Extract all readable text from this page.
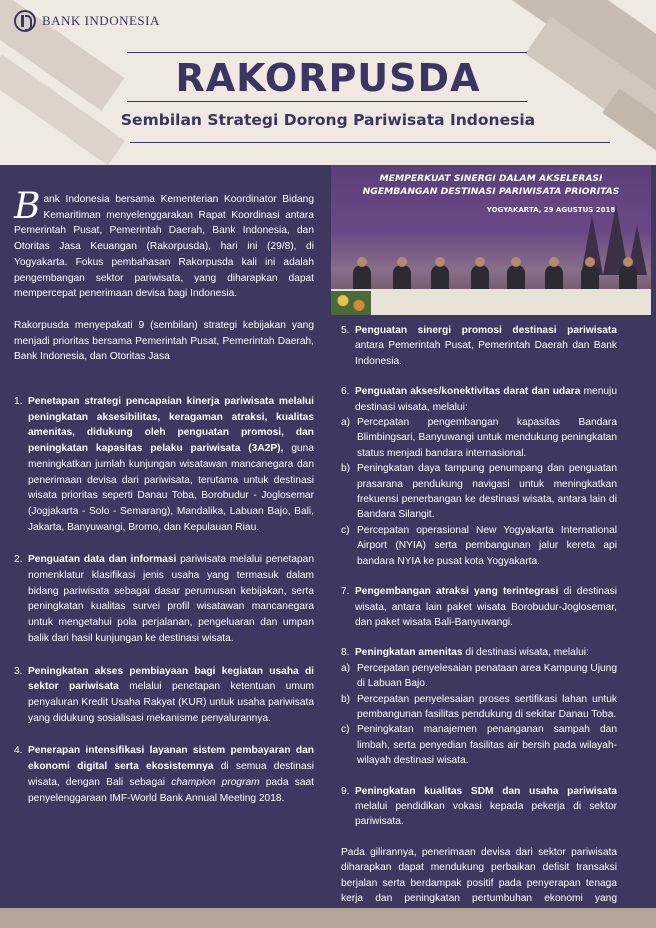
BANK INDONESIA
RAKORPUSDA
Sembilan Strategi Dorong Pariwisata Indonesia
MEMPERKUAT SINERGI DALAM AKSELERASI
NGEMBANGAN DESTINASI PARIWISATA PRIORITAS
YOGYAKARTA, 29 AGUSTUS 2018
Bank Indonesia bersama Kementerian Koordinator Bidang Kemaritiman menyelenggarakan Rapat Koordinasi antara Pemerintah Pusat, Pemerintah Daerah, Bank Indonesia, dan Otoritas Jasa Keuangan (Rakorpusda), hari ini (29/8), di Yogyakarta. Fokus pembahasan Rakorpusda kali ini adalah pengembangan sektor pariwisata, yang diharapkan dapat mempercepat penerimaan devisa bagi Indonesia.
Rakorpusda menyepakati 9 (sembilan) strategi kebijakan yang menjadi prioritas bersama Pemerintah Pusat, Pemerintah Daerah, Bank Indonesia, dan Otoritas Jasa
1. Penetapan strategi pencapaian kinerja pariwisata melalui peningkatan aksesibilitas, keragaman atraksi, kualitas amenitas, didukung oleh penguatan promosi, dan peningkatan kapasitas pelaku pariwisata (3A2P), guna meningkatkan jumlah kunjungan wisatawan mancanegara dan penerimaan devisa dari pariwisata, terutama untuk destinasi wisata prioritas seperti Danau Toba, Borobudur - Joglosemar (Jogjakarta - Solo - Semarang), Mandalika, Labuan Bajo, Bali, Jakarta, Banyuwangi, Bromo, dan Kepulauan Riau.
2. Penguatan data dan informasi pariwisata melalui penetapan nomenklatur klasifikasi jenis usaha yang termasuk dalam bidang pariwisata sebagai dasar perumusan kebijakan, serta peningkatan kualitas survei profil wisatawan mancanegara untuk mengetahui pola perjalanan, pengeluaran dan umpan balik dari hasil kunjungan ke destinasi wisata.
3. Peningkatan akses pembiayaan bagi kegiatan usaha di sektor pariwisata melalui penetapan ketentuan umum penyaluran Kredit Usaha Rakyat (KUR) untuk usaha pariwisata yang didukung sosialisasi mekanisme penyalurannya.
4. Penerapan intensifikasi layanan sistem pembayaran dan ekonomi digital serta ekosistemnya di semua destinasi wisata, dengan Bali sebagai champion program pada saat penyelenggaraan IMF-World Bank Annual Meeting 2018.
5. Penguatan sinergi promosi destinasi pariwisata antara Pemerintah Pusat, Pemerintah Daerah dan Bank Indonesia.
6. Penguatan akses/konektivitas darat dan udara menuju destinasi wisata, melalui:
a) Percepatan pengembangan kapasitas Bandara Blimbingsari, Banyuwangi untuk mendukung peningkatan status menjadi bandara internasional.
b) Peningkatan daya tampung penumpang dan penguatan prasarana pendukung navigasi untuk meningkatkan frekuensi penerbangan ke destinasi wisata, antara lain di Bandara Silangit.
c) Percepatan operasional New Yogyakarta International Airport (NYIA) serta pembangunan jalur kereta api bandara NYIA ke pusat kota Yogyakarta.
7. Pengembangan atraksi yang terintegrasi di destinasi wisata, antara lain paket wisata Borobudur-Joglosemar, dan paket wisata Bali-Banyuwangi.
8. Peningkatan amenitas di destinasi wisata, melalui:
a) Percepatan penyelesaian penataan area Kampung Ujung di Labuan Bajo.
b) Percepatan penyelesaian proses sertifikasi lahan untuk pembangunan fasilitas pendukung di sekitar Danau Toba.
c) Peningkatan manajemen penanganan sampah dan limbah, serta penyedian fasilitas air bersih pada wilayah-wilayah destinasi wisata.
9. Peningkatan kualitas SDM dan usaha pariwisata melalui pendidikan vokasi kepada pekerja di sektor pariwisata.
Pada gilirannya, penerimaan devisa dari sektor pariwisata diharapkan dapat mendukung perbaikan defisit transaksi berjalan serta berdampak positif pada penyerapan tenaga kerja dan peningkatan pertumbuhan ekonomi yang
